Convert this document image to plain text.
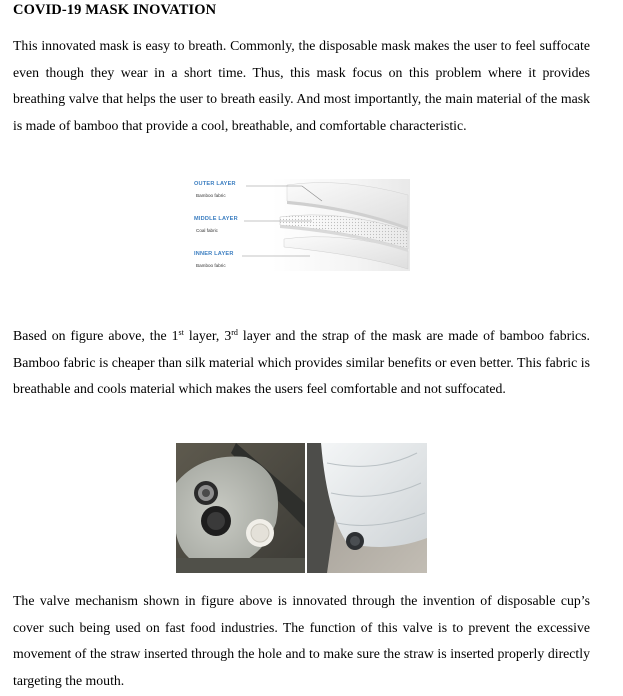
COVID-19 MASK INOVATION
This innovated mask is easy to breath. Commonly, the disposable mask makes the user to feel suffocate even though they wear in a short time. Thus, this mask focus on this problem where it provides breathing valve that helps the user to breath easily. And most importantly, the main material of the mask is made of bamboo that provide a cool, breathable, and comfortable characteristic.
OUTER LAYER
Bamboo fabric
MIDDLE LAYER
Coal fabric
INNER LAYER
Bamboo fabric
Based on figure above, the 1st layer, 3rd layer and the strap of the mask are made of bamboo fabrics. Bamboo fabric is cheaper than silk material which provides similar benefits or even better. This fabric is breathable and cools material which makes the users feel comfortable and not suffocated.
The valve mechanism shown in figure above is innovated through the invention of disposable cup’s cover such being used on fast food industries. The function of this valve is to prevent the excessive movement of the straw inserted through the hole and to make sure the straw is inserted properly directly targeting the mouth.
